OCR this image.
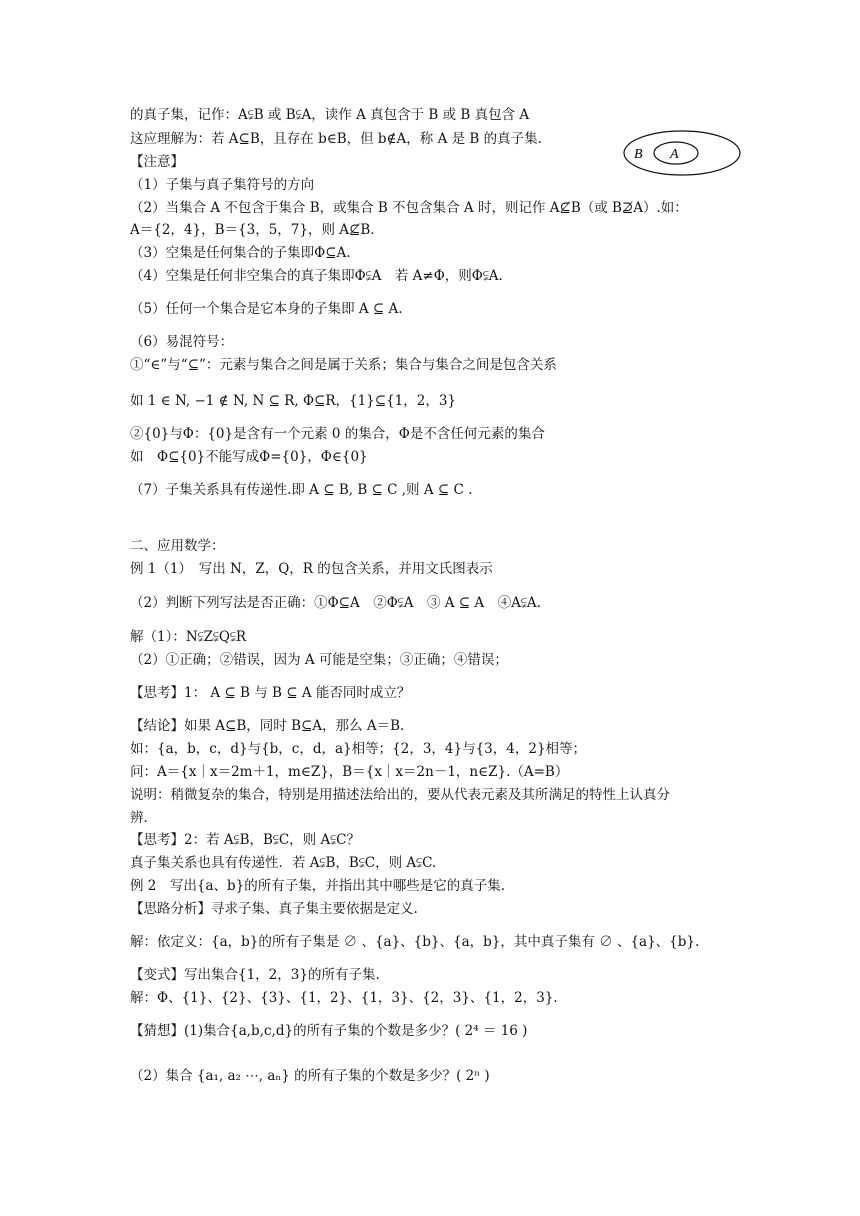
的真子集，记作：A⫋B 或 B⫋A，读作 A 真包含于 B 或 B 真包含 A
这应理解为：若 A⊆B，且存在 b∈B，但 b∉A，称 A 是 B 的真子集.
【注意】
（1）子集与真子集符号的方向
（2）当集合 A 不包含于集合 B，或集合 B 不包含集合 A 时，则记作 A⊈B（或 B⊉A）.如：
A＝{2，4}，B＝{3，5，7}，则 A⊈B.
（3）空集是任何集合的子集即Φ⊆A.
（4）空集是任何非空集合的真子集即Φ⫋A　若 A≠Φ，则Φ⫋A.
（5）任何一个集合是它本身的子集即 A ⊆ A.
（6）易混符号：
①“∈”与“⊆”：元素与集合之间是属于关系；集合与集合之间是包含关系
如 1 ∈ N, −1 ∉ N, N ⊆ R, Φ⊆R，{1}⊆{1，2，3}
②{0}与Φ：{0}是含有一个元素 0 的集合，Φ是不含任何元素的集合
如　Φ⊆{0}不能写成Φ={0}，Φ∈{0}
（7）子集关系具有传递性.即 A ⊆ B, B ⊆ C ,则 A ⊆ C .
二、应用数学：
例 1（1）　写出 N，Z，Q，R 的包含关系，并用文氏图表示
（2）判断下列写法是否正确：①Φ⊆A　②Φ⫋A　③ A ⊆ A　④A⫋A.
解（1）：N⫋Z⫋Q⫋R
（2）①正确；②错误，因为 A 可能是空集；③正确；④错误；
【思考】1： A ⊆ B 与 B ⊆ A 能否同时成立？
【结论】如果 A⊆B，同时 B⊆A，那么 A＝B.
如：{a，b，c，d}与{b，c，d，a}相等；{2，3，4}与{3，4，2}相等；
问：A＝{x｜x＝2m＋1，m∈Z}，B＝{x｜x＝2n－1，n∈Z}.（A=B）
说明：稍微复杂的集合，特别是用描述法给出的，要从代表元素及其所满足的特性上认真分
辨.
【思考】2：若 A⫋B，B⫋C，则 A⫋C？
真子集关系也具有传递性．若 A⫋B，B⫋C，则 A⫋C.
例 2　写出{a、b}的所有子集，并指出其中哪些是它的真子集.
【思路分析】寻求子集、真子集主要依据是定义.
解：依定义：{a，b}的所有子集是 ∅ 、{a}、{b}、{a，b}，其中真子集有 ∅ 、{a}、{b}.
【变式】写出集合{1，2，3}的所有子集.
解：Φ、{1}、{2}、{3}、{1，2}、{1，3}、{2，3}、{1，2，3}.
【猜想】(1)集合{a,b,c,d}的所有子集的个数是多少？( 2⁴ ＝ 16 )
（2）集合 {a₁, a₂ ⋯, aₙ} 的所有子集的个数是多少？( 2ⁿ )
B A
